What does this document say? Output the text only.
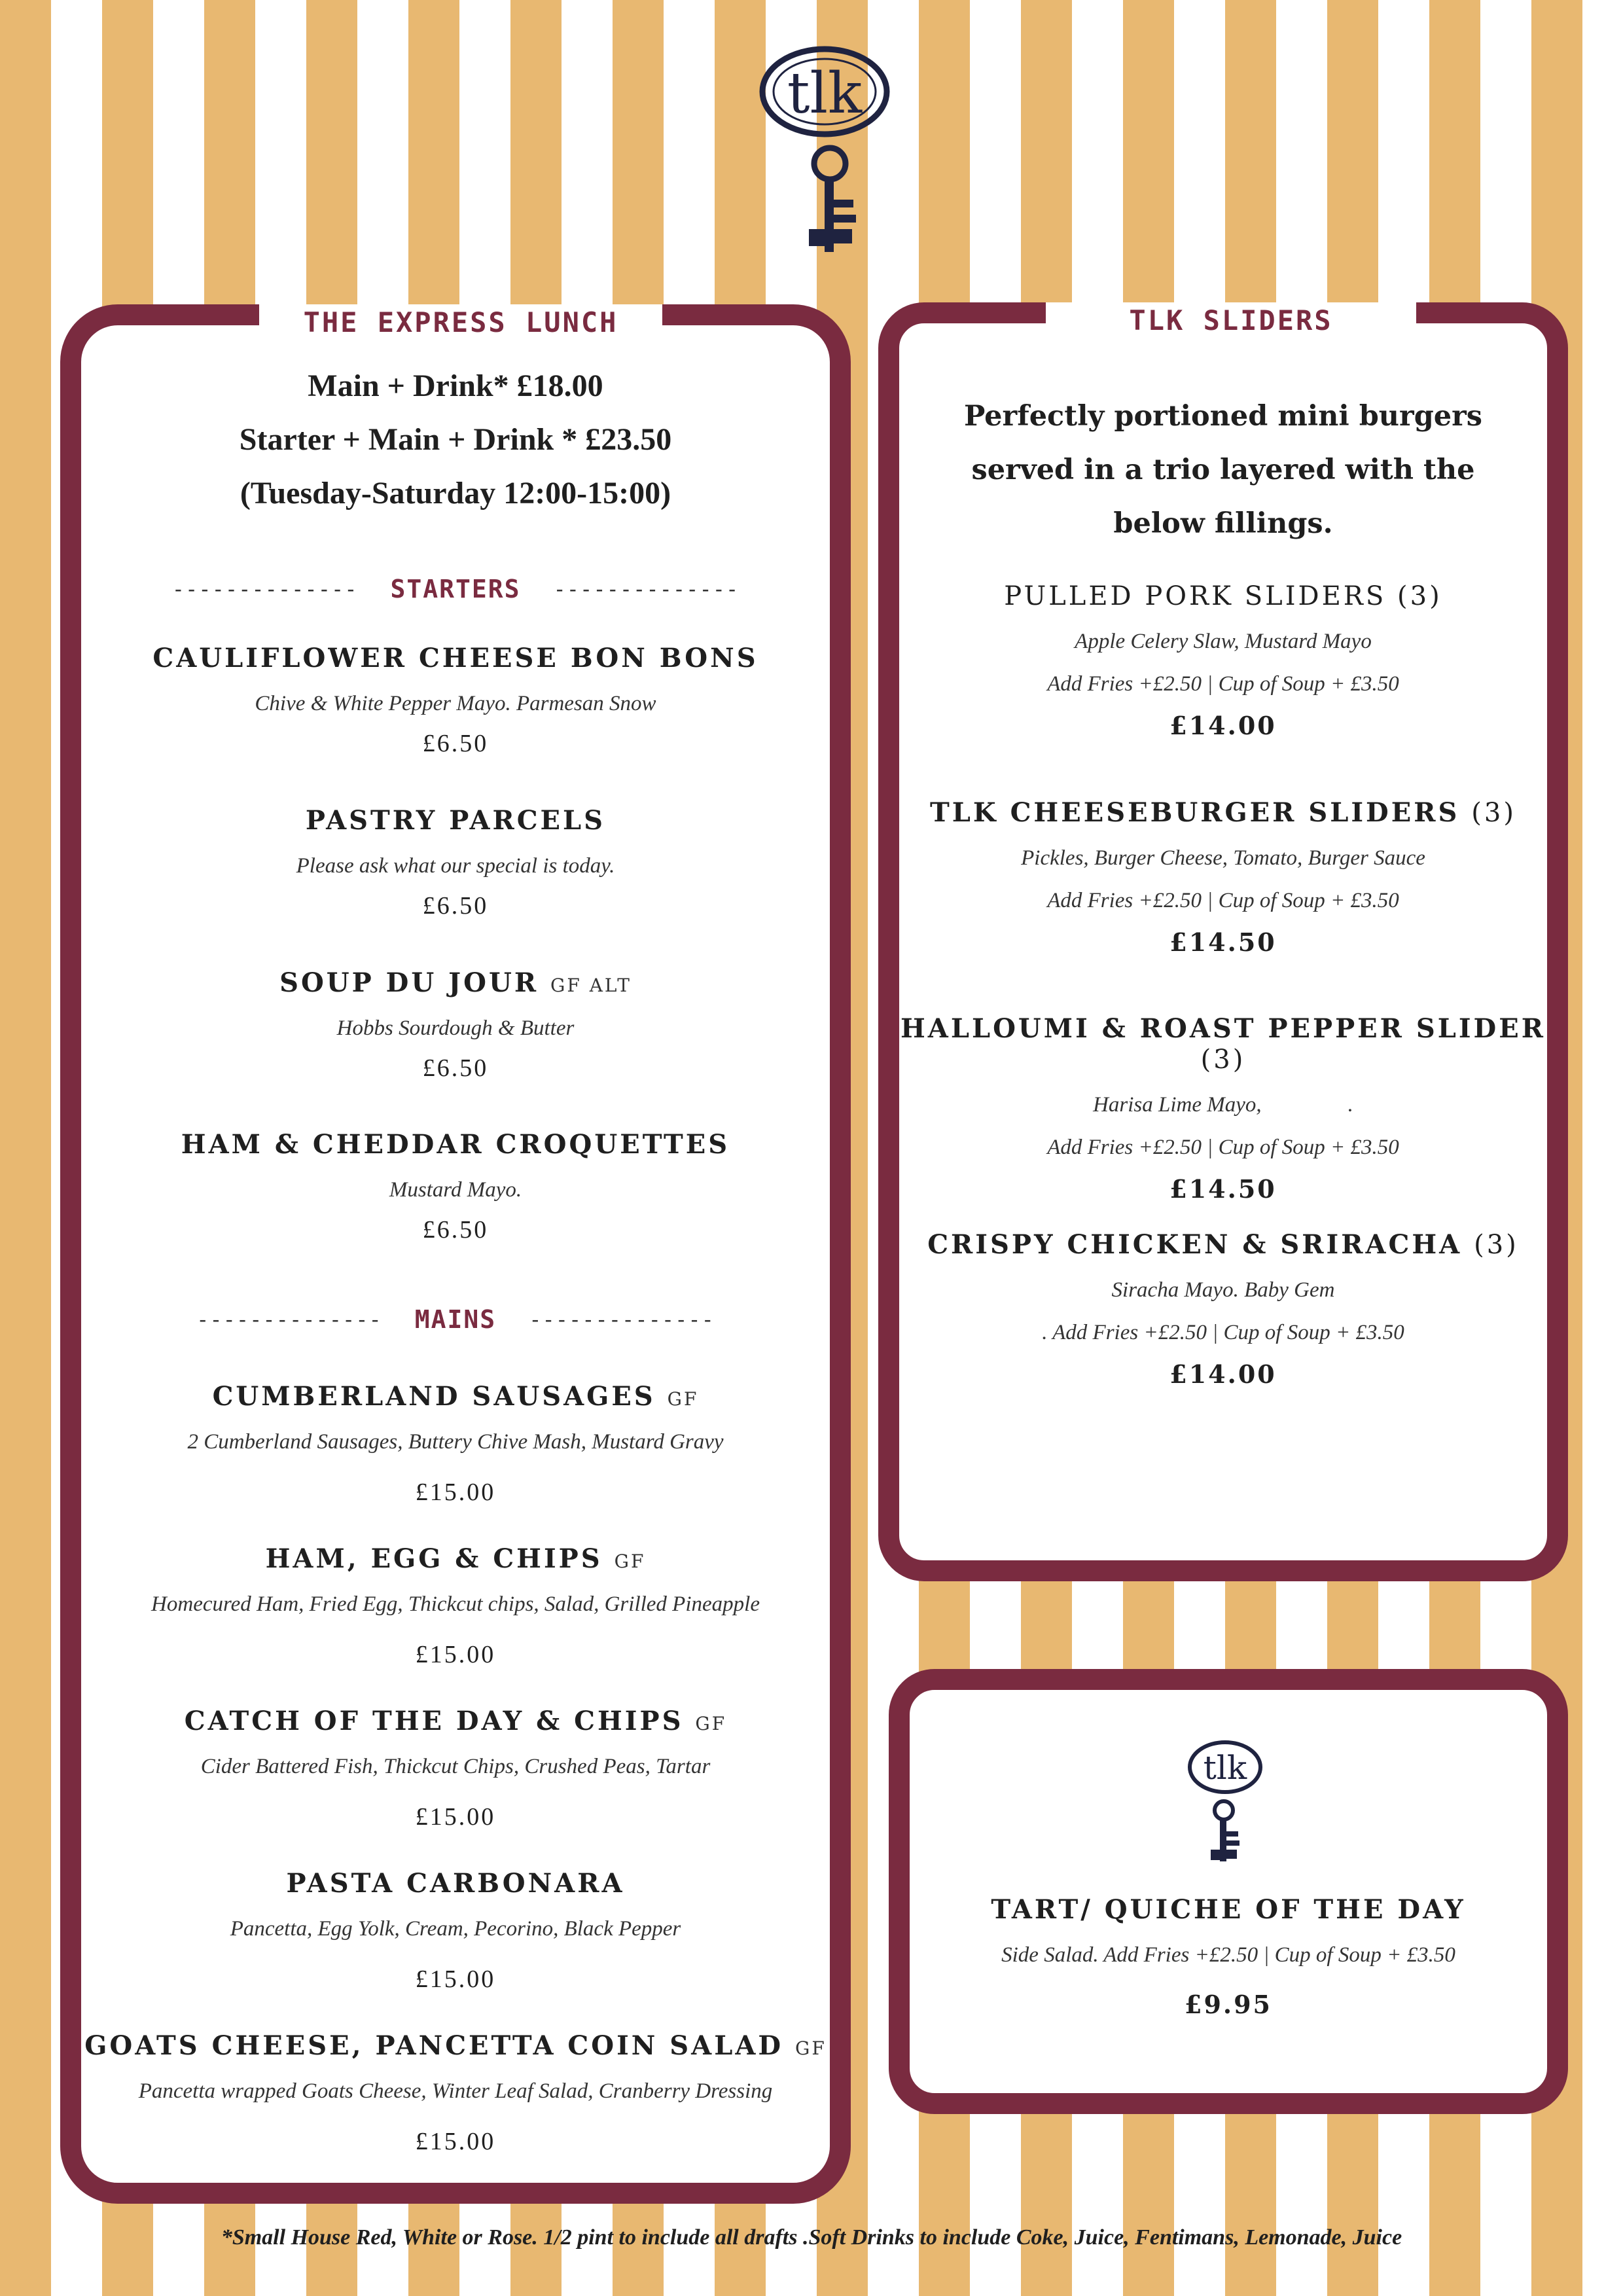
tlk
THE EXPRESS LUNCH
Main + Drink* £18.00
Starter + Main + Drink * £23.50
(Tuesday-Saturday 12:00-15:00)
-------------- STARTERS --------------
CAULIFLOWER CHEESE BON BONS
Chive & White Pepper Mayo. Parmesan Snow
£6.50
PASTRY PARCELS
Please ask what our special is today.
£6.50
SOUP DU JOUR GF ALT
Hobbs Sourdough & Butter
£6.50
HAM & CHEDDAR CROQUETTES
Mustard Mayo.
£6.50
-------------- MAINS --------------
CUMBERLAND SAUSAGES GF
2 Cumberland Sausages, Buttery Chive Mash, Mustard Gravy
£15.00
HAM, EGG & CHIPS GF
Homecured Ham, Fried Egg, Thickcut chips, Salad, Grilled Pineapple
£15.00
CATCH OF THE DAY & CHIPS GF
Cider Battered Fish, Thickcut Chips, Crushed Peas, Tartar
£15.00
PASTA CARBONARA
Pancetta, Egg Yolk, Cream, Pecorino, Black Pepper
£15.00
GOATS CHEESE, PANCETTA COIN SALAD GF
Pancetta wrapped Goats Cheese, Winter Leaf Salad, Cranberry Dressing
£15.00
TLK SLIDERS
Perfectly portioned mini burgers
served in a trio layered with the
below fillings.
PULLED PORK SLIDERS (3)
Apple Celery Slaw, Mustard Mayo
Add Fries +£2.50 | Cup of Soup + £3.50
£14.00
TLK CHEESEBURGER SLIDERS (3)
Pickles, Burger Cheese, Tomato, Burger Sauce
Add Fries +£2.50 | Cup of Soup + £3.50
£14.50
HALLOUMI & ROAST PEPPER SLIDER (3)
Harisa Lime Mayo,                .
Add Fries +£2.50 | Cup of Soup + £3.50
£14.50
CRISPY CHICKEN & SRIRACHA (3)
Siracha Mayo. Baby Gem
. Add Fries +£2.50 | Cup of Soup + £3.50
£14.00
tlk
TART/ QUICHE OF THE DAY
Side Salad. Add Fries +£2.50 | Cup of Soup + £3.50
£9.95
*Small House Red, White or Rose. 1/2 pint to include all drafts .Soft Drinks to include Coke, Juice, Fentimans, Lemonade, Juice
